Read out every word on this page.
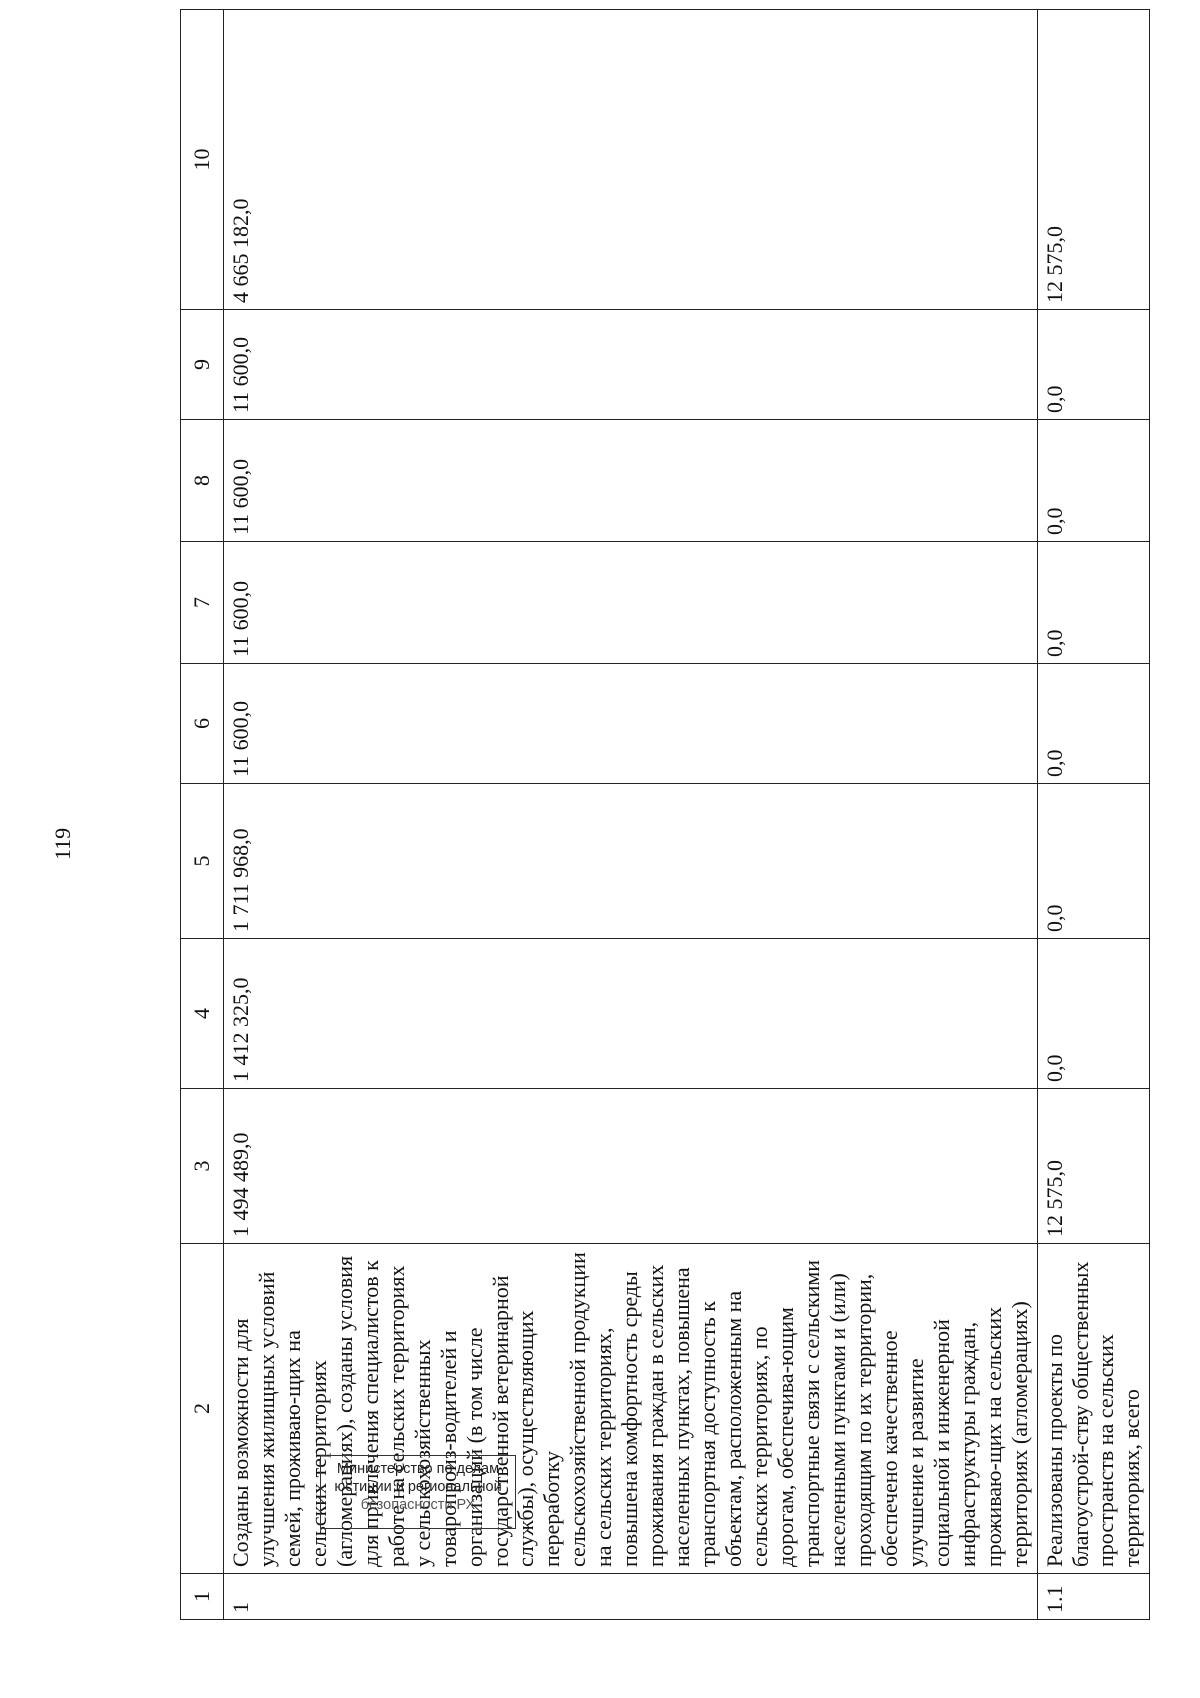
119
1	2	3	4	5	6	7	8	9	10
1	Созданы возможности для улучшения жилищных условий семей, проживаю-щих на сельских территориях (агломерациях), созданы условия для привлечения специалистов к работе на сельских территориях у сельскохозяйственных товаропроиз-водителей и организаций (в том числе государственной ветеринарной службы), осуществляющих переработку сельскохозяйственной продукции на сельских территориях, повышена комфортность среды проживания граждан в сельских населенных пунктах, повышена транспортная доступность к объектам, расположенным на сельских территориях, по дорогам, обеспечива-ющим транспортные связи с сельскими населенными пунктами и (или) проходящим по их территории, обеспечено качественное улучшение и развитие социальной и инженерной инфраструктуры граждан, проживаю-щих на сельских территориях (агломерациях)	1 494 489,0	1 412 325,0	1 711 968,0	11 600,0	11 600,0	11 600,0	11 600,0	4 665 182,0
1.1	Реализованы проекты по благоустрой-ству общественных пространств на сельских территориях, всего	12 575,0	0,0	0,0	0,0	0,0	0,0	0,0	12 575,0
Министерство по делам
юстиции и региональной
безопасности РХ
